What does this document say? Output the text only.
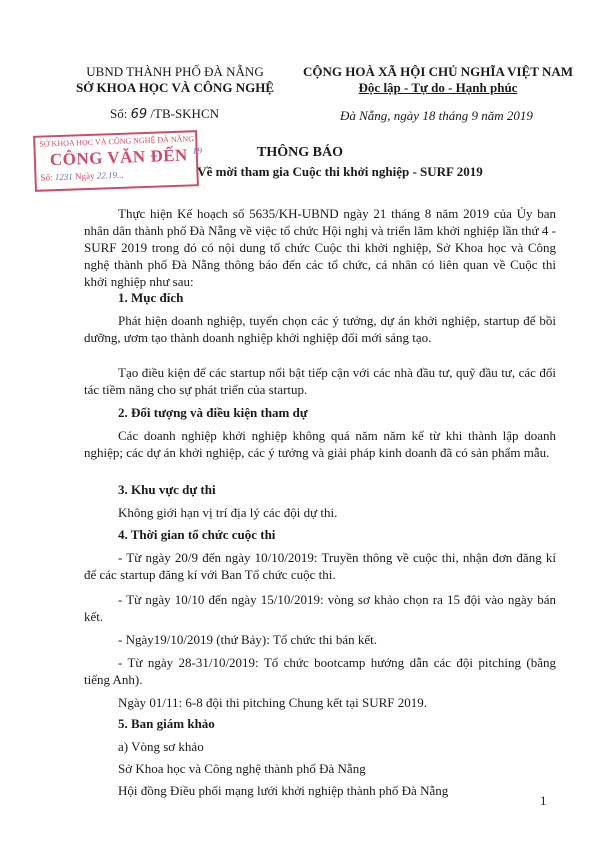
UBND THÀNH PHỐ ĐÀ NẴNG
SỞ KHOA HỌC VÀ CÔNG NGHỆ
CỘNG HOÀ XÃ HỘI CHỦ NGHĨA VIỆT NAM
Độc lập - Tự do - Hạnh phúc
Số: 69 /TB-SKHCN	Đà Nẵng, ngày 18 tháng 9 năm 2019
SỞ KHOA HỌC VÀ CÔNG NGHỆ ĐÀ NẴNG
CÔNG VĂN ĐẾN $^{19}$
Số: 1231 Ngày 22.19...
THÔNG BÁO
Về mời tham gia Cuộc thi khởi nghiệp - SURF 2019
Thực hiện Kế hoạch số 5635/KH-UBND ngày 21 tháng 8 năm 2019 của Ủy ban nhân dân thành phố Đà Nẵng về việc tổ chức Hội nghị và triển lãm khởi nghiệp lần thứ 4 - SURF 2019 trong đó có nội dung tổ chức Cuộc thi khởi nghiệp, Sở Khoa học và Công nghệ thành phố Đà Nẵng thông báo đến các tổ chức, cá nhân có liên quan về Cuộc thi khởi nghiệp như sau:
1. Mục đích
Phát hiện doanh nghiệp, tuyển chọn các ý tưởng, dự án khởi nghiệp, startup để bồi dưỡng, ươm tạo thành doanh nghiệp khởi nghiệp đổi mới sáng tạo.
Tạo điều kiện để các startup nổi bật tiếp cận với các nhà đầu tư, quỹ đầu tư, các đối tác tiềm năng cho sự phát triển của startup.
2. Đối tượng và điều kiện tham dự
Các doanh nghiệp khởi nghiệp không quá năm năm kể từ khi thành lập doanh nghiệp; các dự án khởi nghiệp, các ý tưởng và giải pháp kinh doanh đã có sản phẩm mẫu.
3. Khu vực dự thi
Không giới hạn vị trí địa lý các đội dự thi.
4. Thời gian tổ chức cuộc thi
- Từ ngày 20/9 đến ngày 10/10/2019: Truyền thông về cuộc thi, nhận đơn đăng kí để các startup đăng kí với Ban Tổ chức cuộc thi.
- Từ ngày 10/10 đến ngày 15/10/2019: vòng sơ khảo chọn ra 15 đội vào ngày bán kết.
- Ngày19/10/2019 (thứ Bảy): Tổ chức thi bán kết.
- Từ ngày 28-31/10/2019: Tổ chức bootcamp hướng dẫn các đội pitching (bằng tiếng Anh).
Ngày 01/11: 6-8 đội thi pitching Chung kết tại SURF 2019.
5. Ban giám khảo
a) Vòng sơ khảo
Sở Khoa học và Công nghệ thành phố Đà Nẵng
Hội đồng Điều phối mạng lưới khởi nghiệp thành phố Đà Nẵng
1
